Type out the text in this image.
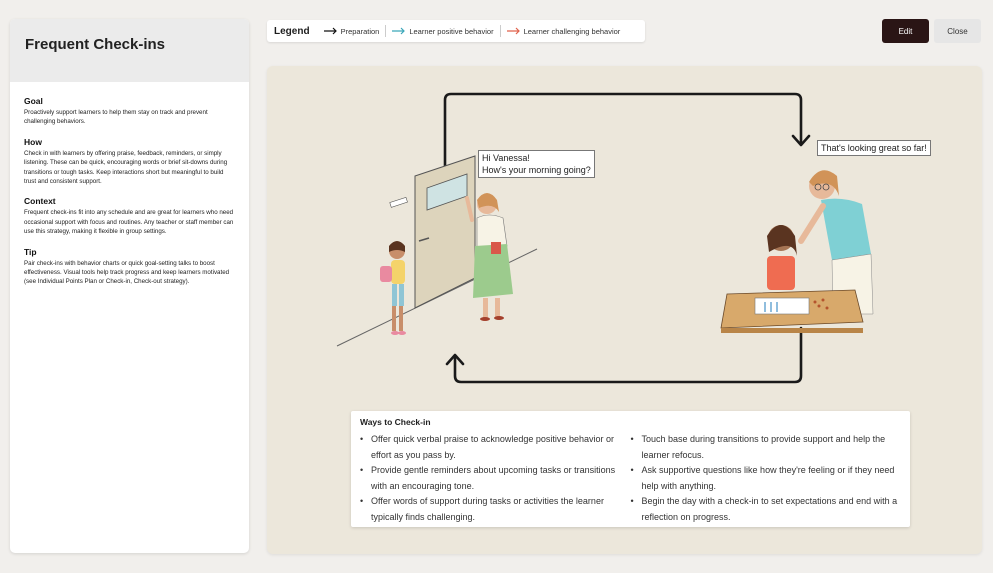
Frequent Check-ins
Goal
Proactively support learners to help them stay on track and prevent challenging behaviors.
How
Check in with learners by offering praise, feedback, reminders, or simply listening. These can be quick, encouraging words or brief sit-downs during transitions or tough tasks. Keep interactions short but meaningful to build trust and consistent support.
Context
Frequent check-ins fit into any schedule and are great for learners who need occasional support with focus and routines. Any teacher or staff member can use this strategy, making it flexible in group settings.
Tip
Pair check-ins with behavior charts or quick goal-setting talks to boost effectiveness. Visual tools help track progress and keep learners motivated (see Individual Points Plan or Check-in, Check-out strategy).
Legend	Preparation	Learner positive behavior	Learner challenging behavior	Edit	Close
Hi Vanessa!
How's your morning going?
That's looking great so far!
Ways to Check-in
• Offer quick verbal praise to acknowledge positive behavior or effort as you pass by.
• Provide gentle reminders about upcoming tasks or transitions with an encouraging tone.
• Offer words of support during tasks or activities the learner typically finds challenging.
• Touch base during transitions to provide support and help the learner refocus.
• Ask supportive questions like how they're feeling or if they need help with anything.
• Begin the day with a check-in to set expectations and end with a reflection on progress.
